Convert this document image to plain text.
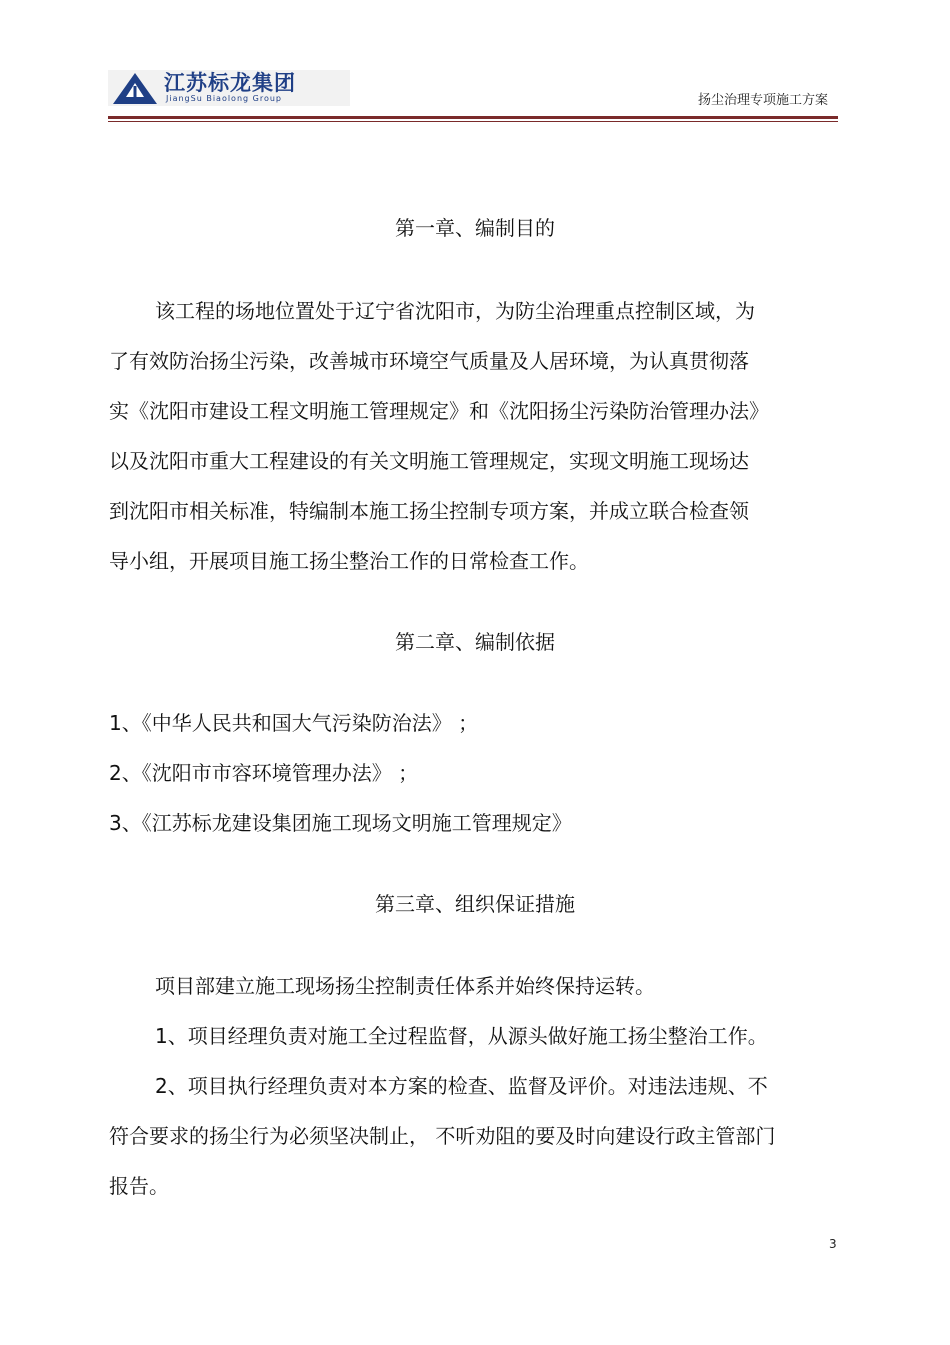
江苏标龙集团
JiangSu Biaolong Group	扬尘治理专项施工方案
第一章、编制目的
该工程的场地位置处于辽宁省沈阳市，为防尘治理重点控制区域，为
了有效防治扬尘污染，改善城市环境空气质量及人居环境，为认真贯彻落
实《沈阳市建设工程文明施工管理规定》和《沈阳扬尘污染防治管理办法》
以及沈阳市重大工程建设的有关文明施工管理规定，实现文明施工现场达
到沈阳市相关标准，特编制本施工扬尘控制专项方案，并成立联合检查领
导小组，开展项目施工扬尘整治工作的日常检查工作。
第二章、编制依据
1、《中华人民共和国大气污染防治法》 ；
2、《沈阳市市容环境管理办法》 ；
3、《江苏标龙建设集团施工现场文明施工管理规定》
第三章、组织保证措施
项目部建立施工现场扬尘控制责任体系并始终保持运转。
1、项目经理负责对施工全过程监督，从源头做好施工扬尘整治工作。
2、项目执行经理负责对本方案的检查、监督及评价。对违法违规、不
符合要求的扬尘行为必须坚决制止， 不听劝阻的要及时向建设行政主管部门
报告。
3
